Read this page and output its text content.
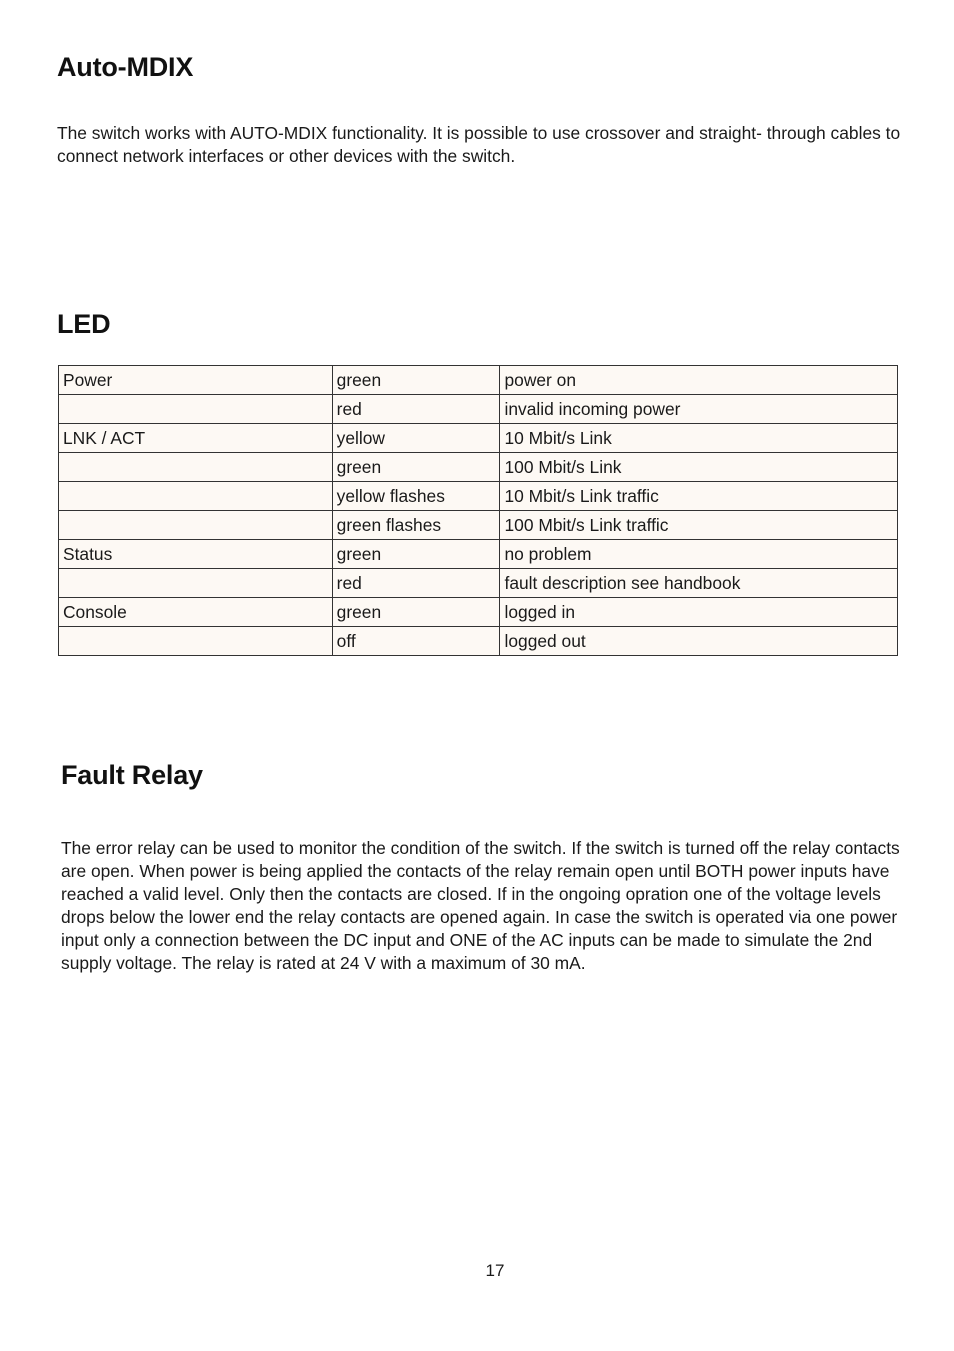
Auto-MDIX

The switch works with AUTO-MDIX functionality. It is possible to use crossover and straight- through cables to connect network interfaces or other devices with the switch.

LED
Power	green	power on
	red	invalid incoming power
LNK / ACT	yellow	10 Mbit/s Link
	green	100 Mbit/s Link
	yellow flashes	10 Mbit/s Link traffic
	green flashes	100 Mbit/s Link traffic
Status	green	no problem
	red	fault description see handbook
Console	green	logged in
	off	logged out
Fault Relay

The error relay can be used to monitor the condition of the switch. If the switch is turned off the relay contacts are open. When power is being applied the contacts of the relay remain open until BOTH power inputs have reached a valid level. Only then the contacts are closed. If in the ongoing opration one of the voltage levels drops below the lower end the relay contacts are opened again. In case the switch is operated via one power input only a connection between the DC input and ONE of the AC inputs can be made to simulate the 2nd supply voltage. The relay is rated at 24 V with a maximum of 30 mA.

17
